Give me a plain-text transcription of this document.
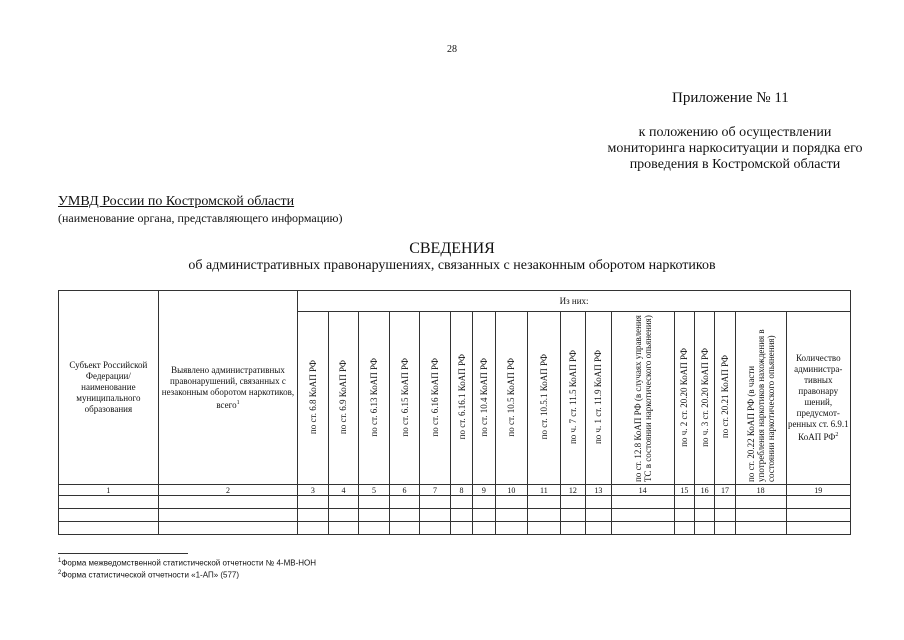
28
Приложение № 11
к положению об осуществлении мониторинга наркоситуации и порядка его проведения в Костромской области
УМВД России по Костромской области
(наименование органа, представляющего информацию)
СВЕДЕНИЯ
об административных правонарушениях, связанных с незаконным оборотом наркотиков
Субъект Российской Федерации/ наименование муниципального образования	Выявлено административных правонарушений, связанных с незаконным оборотом наркотиков, всего$^1$	Из них:																
		по ст. 6.8 КоАП РФ	по ст. 6.9 КоАП РФ	по ст. 6.13 КоАП РФ	по ст. 6.15 КоАП РФ	по ст. 6.16 КоАП РФ	по ст. 6.16.1 КоАП РФ	по ст. 10.4 КоАП РФ	по ст. 10.5 КоАП РФ	по ст. 10.5.1 КоАП РФ	по ч. 7 ст. 11.5 КоАП РФ	по ч. 1 ст. 11.9 КоАП РФ	по ст. 12.8 КоАП РФ (в случаях управления ТС в состоянии наркотического опьянения)	по ч. 2 ст. 20.20 КоАП РФ	по ч. 3 ст. 20.20 КоАП РФ	по ст. 20.21 КоАП РФ	по ст. 20.22 КоАП РФ (в части употребления наркотиков нахождения в состоянии наркотического опьянения)	Количество администра- тивных правонару шений, предусмот- ренных ст. 6.9.1 КоАП $РФ^2$
1	2	3	4	5	6	7	8	9	10	11	12	13	14	15	16	17	18	19

$^1$Форма межведомственной статистической отчетности № 4-МВ-НОН
$^2$Форма статистической отчетности «1-АП» (577)
